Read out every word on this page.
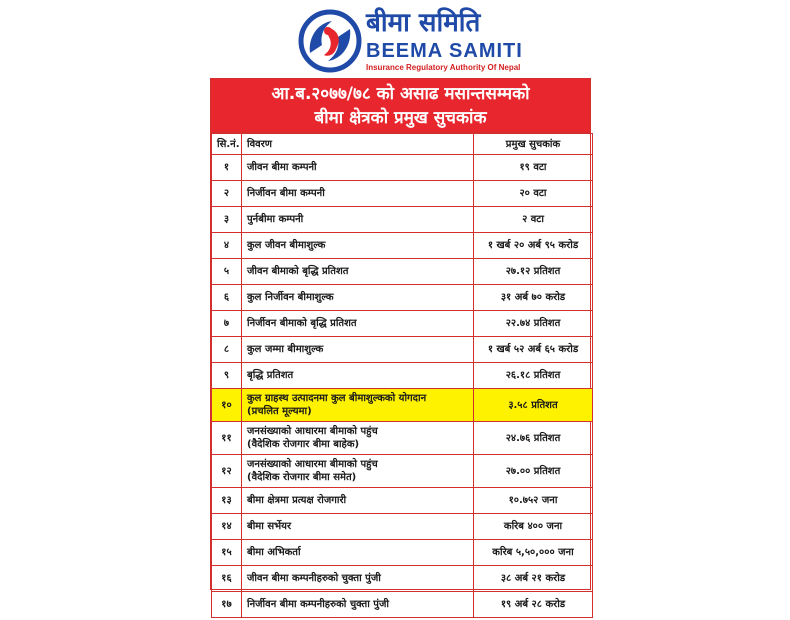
बीमा समिति
BEEMA SAMITI
Insurance Regulatory Authority Of Nepal
आ.ब.२०७७/७८ को असाढ मसान्तसम्मको
बीमा क्षेत्रको प्रमुख सुचकांक
सि.नं.	विवरण	प्रमुख सुचकांक
१	जीवन बीमा कम्पनी	१९ वटा
२	निर्जीवन बीमा कम्पनी	२० वटा
३	पुर्नबीमा कम्पनी	२ वटा
४	कुल जीवन बीमाशुल्क	१ खर्ब २० अर्ब ९५ करोड
५	जीवन बीमाको बृद्धि प्रतिशत	२७.१२ प्रतिशत
६	कुल निर्जीवन बीमाशुल्क	३१ अर्ब ७० करोड
७	निर्जीवन बीमाको बृद्धि प्रतिशत	२२.७४ प्रतिशत
८	कुल जम्मा बीमाशुल्क	१ खर्ब ५२ अर्ब ६५ करोड
९	बृद्धि प्रतिशत	२६.१८ प्रतिशत
१०	कुल ग्राहस्थ उत्पादनमा कुल बीमाशुल्कको योगदान
(प्रचलित मूल्यमा)	३.५८ प्रतिशत
११	जनसंख्याको आधारमा बीमाको पहुंच
(वैदेशिक रोजगार बीमा बाहेक)	२४.७६ प्रतिशत
१२	जनसंख्याको आधारमा बीमाको पहुंच
(वैदेशिक रोजगार बीमा समेत)	२७.०० प्रतिशत
१३	बीमा क्षेत्रमा प्रत्यक्ष रोजगारी	१०.७५२ जना
१४	बीमा सर्भेयर	करिब ४०० जना
१५	बीमा अभिकर्ता	करिब ५,५०,००० जना
१६	जीवन बीमा कम्पनीहरुको चुक्ता पुंजी	३८ अर्ब २१ करोड
१७	निर्जीवन बीमा कम्पनीहरुको चुक्ता पुंजी	१९ अर्ब २८ करोड
